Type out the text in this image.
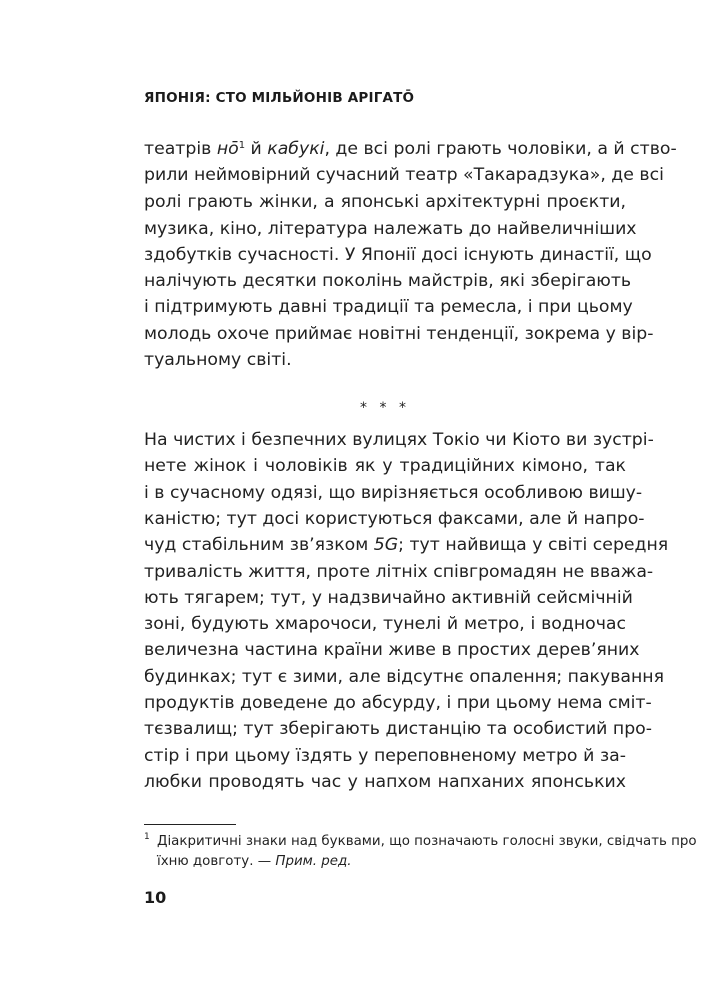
ЯПОНІЯ: СТО МІЛЬЙОНІВ АРІГАТŌ
театрів $нō^1$ й кабукі, де всі ролі грають чоловіки, а й ство-
рили неймовірний сучасний театр «Такарадзука», де всі
ролі грають жінки, а японські архітектурні проєкти,
музика, кіно, література належать до найвеличніших
здобутків сучасності. У Японії досі існують династії, що
налічують десятки поколінь майстрів, які зберігають
і підтримують давні традиції та ремесла, і при цьому
молодь охоче приймає новітні тенденції, зокрема у вір-
туальному світі.
* * *
На чистих і безпечних вулицях Токіо чи Кіото ви зустрі-
нете жінок і чоловіків як у традиційних кімоно, так
і в сучасному одязі, що вирізняється особливою вишу-
каністю; тут досі користуються факсами, але й напро-
чуд стабільним зв’язком 5G; тут найвища у світі середня
тривалість життя, проте літніх співгромадян не вважа-
ють тягарем; тут, у надзвичайно активній сейсмічній
зоні, будують хмарочоси, тунелі й метро, і водночас
величезна частина країни живе в простих дерев’яних
будинках; тут є зими, але відсутнє опалення; пакування
продуктів доведене до абсурду, і при цьому нема сміт-
тєзвалищ; тут зберігають дистанцію та особистий про-
стір і при цьому їздять у переповненому метро й за-
любки проводять час у напхом напханих японських
1 Діакритичні знаки над буквами, що позначають голосні звуки, свідчать про
їхню довготу. — Прим. ред.
10
